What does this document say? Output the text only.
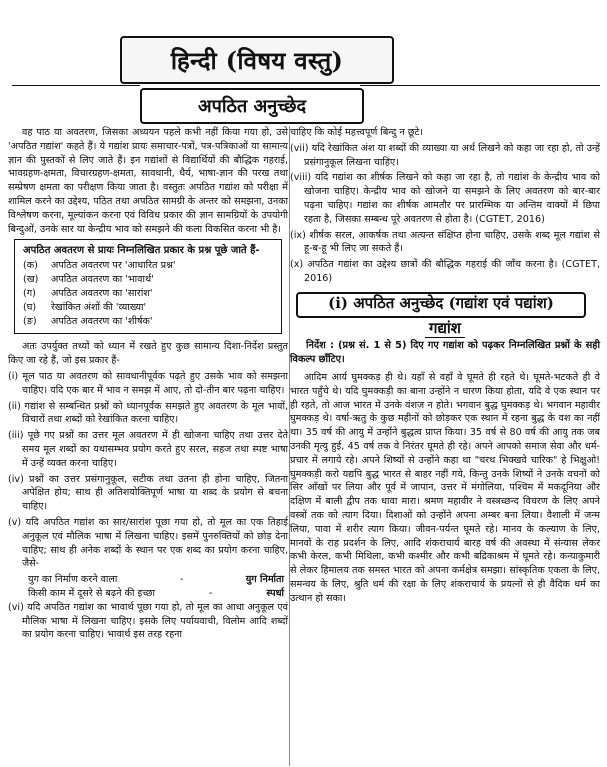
हिन्दी (विषय वस्तु)
अपठित अनुच्छेद

वह पाठ या अवतरण, जिसका अध्ययन पहले कभी नहीं किया गया हो, उसे 'अपठित गद्यांश' कहते हैं। ये गद्यांश प्रायः समाचार-पत्रों, पत्र-पत्रिकाओं या सामान्य ज्ञान की पुस्तकों से लिए जाते हैं। इन गद्यांशों से विद्यार्थियों की बौद्धिक गहराई, भावग्रहण-क्षमता, विचारग्रहण-क्षमता, सावधानी, धैर्य, भाषा-ज्ञान की परख तथा सम्प्रेषण क्षमता का परीक्षण किया जाता है। वस्तुतः अपठित गद्यांश को परीक्षा में शामिल करने का उद्देश्य, पठित तथा अपठित सामग्री के अन्तर को समझना, उनका विश्लेषण करना, मूल्यांकन करना एवं विविध प्रकार की ज्ञान सामग्रियों के उपयोगी बिन्दुओं, उनके सार या केन्द्रीय भाव को समझने की कला विकसित करना भी है।

अपठित अवतरण से प्रायः निम्नलिखित प्रकार के प्रश्न पूछे जाते हैं-
(क)	अपठित अवतरण पर 'आधारित प्रश्न'
(ख)	अपठित अवतरण का 'भावार्थ'
(ग)	अपठित अवतरण का 'सारांश'
(घ)	रेखांकित अंशों की 'व्याख्या'
(ङ)	अपठित अवतरण का 'शीर्षक'

अतः उपर्युक्त तथ्यों को ध्यान में रखते हुए कुछ सामान्य दिशा-निर्देश प्रस्तुत किए जा रहे हैं, जो इस प्रकार हैं-

(i) मूल पाठ या अवतरण को सावधानीपूर्वक पढ़ते हुए उसके भाव को समझना चाहिए। यदि एक बार में भाव न समझ में आए, तो दो-तीन बार पढ़ना चाहिए।

(ii) गद्यांश से सम्बन्धित प्रश्नों को ध्यानपूर्वक समझते हुए अवतरण के मूल भावों, विचारों तथा शब्दों को रेखांकित करना चाहिए।

(iii) पूछे गए प्रश्नों का उत्तर मूल अवतरण में ही खोजना चाहिए तथा उत्तर देते समय मूल शब्दों का यथासम्भव प्रयोग करते हुए सरल, सहज तथा स्पष्ट भाषा में उन्हें व्यक्त करना चाहिए।

(iv) प्रश्नों का उत्तर प्रसंगानुकूल, सटीक तथा उतना ही होना चाहिए, जितना अपेक्षित होय; साथ ही अतिशयोक्तिपूर्ण भाषा या शब्द के प्रयोग से बचना चाहिए।

(v) यदि अपठित गद्यांश का सार/सारांश पूछा गया हो, तो मूल का एक तिहाई अनुकूल एवं मौलिक भाषा में लिखना चाहिए। इसमें पुनरुक्तियों को छोड़ देना चाहिए; साथ ही अनेक शब्दों के स्थान पर एक शब्द का प्रयोग करना चाहिए, जैसे-

युग का निर्माण करने वाला	-	युग निर्माता
किसी काम में दूसरे से बढ़ने की इच्छा	-	स्पर्धा

(vi) यदि अपठित गद्यांश का भावार्थ पूछा गया हो, तो मूल का आधा अनुकूल एवं मौलिक भाषा में लिखना चाहिए। इसके लिए पर्यायवाची, विलोम आदि शब्दों का प्रयोग करना चाहिए। भावार्थ इस तरह रहना

चाहिए कि कोई महत्त्वपूर्ण बिन्दु न छूटे।

(vii) यदि रेखांकित अंश या शब्दों की व्याख्या या अर्थ लिखने को कहा जा रहा हो, तो उन्हें प्रसंगानुकूल लिखना चाहिए।

(viii) यदि गद्यांश का शीर्षक लिखने को कहा जा रहा है, तो गद्यांश के केन्द्रीय भाव को खोजना चाहिए। केन्द्रीय भाव को खोजने या समझने के लिए अवतरण को बार-बार पढ़ना चाहिए। गद्यांश का शीर्षक आमतौर पर प्रारम्भिक या अन्तिम वाक्यों में छिपा रहता है, जिसका सम्बन्ध पूरे अवतरण से होता है। (CGTET, 2016)

(ix) शीर्षक सरल, आकर्षक तथा अत्यन्त संक्षिप्त होना चाहिए, उसके शब्द मूल गद्यांश से हू-ब-हू भी लिए जा सकते हैं।

(x) अपठित गद्यांश का उद्देश्य छात्रों की बौद्धिक गहराई की जाँच करना है। (CGTET, 2016)

(i) अपठित अनुच्छेद (गद्यांश एवं पद्यांश)
गद्यांश

निर्देश : (प्रश्न सं. 1 से 5) दिए गए गद्यांश को पढ़कर निम्नलिखित प्रश्नों के सही विकल्प छाँटिए।

आदिम आर्य घुमक्कड़ ही थे। यहाँ से वहाँ वे घूमते ही रहते थे। घूमते-भटकते ही वे भारत पहुँचे थे। यदि घुमक्कड़ी का बाना उन्होंने न धारण किया होता, यदि वे एक स्थान पर ही रहते, तो आज भारत में उनके वंशज न होते। भगवान बुद्ध घुमक्कड़ थे। भगवान महावीर घुमक्कड़ थे। वर्षा-ऋतु के कुछ महीनों को छोड़कर एक स्थान में रहना बुद्ध के वश का नहीं था। 35 वर्ष की आयु में उन्होंने बुद्धत्व प्राप्त किया। 35 वर्ष से 80 वर्ष की आयु तक जब उनकी मृत्यु हुई, 45 वर्ष तक वे निरंतर घूमते ही रहे। अपने आपको समाज सेवा और धर्म-प्रचार में लगाये रहे। अपने शिष्यों से उन्होंने कहा था "चरथ भिक्खवे चारिक" हे भिक्षुओ! घुमक्कड़ी करो यद्यपि बुद्ध भारत से बाहर नहीं गये, किन्तु उनके शिष्यों ने उनके वचनों को सिर आँखों पर लिया और पूर्व में जापान, उत्तर में मंगोलिया, पश्चिम में मकदूनिया और दक्षिण में बाली द्वीप तक धावा मारा। श्रमण महावीर ने वस्त्रच्छन्द विचरण के लिए अपने वस्त्रों तक को त्याग दिया। दिशाओं को उन्होंने अपना अम्बर बना लिया। वैशाली में जन्म लिया, पावा में शरीर त्याग किया। जीवन-पर्यन्त घूमते रहे। मानव के कल्याण के लिए, मानवों के राह प्रदर्शन के लिए, आदि शंकराचार्य बारह वर्ष की अवस्था में संन्यास लेकर कभी केरल, कभी मिथिला, कभी कश्मीर और कभी बद्रिकाश्रम में घूमते रहे। कन्याकुमारी से लेकर हिमालय तक समस्त भारत को अपना कर्मक्षेत्र समझा। सांस्कृतिक एकता के लिए, समन्वय के लिए, श्रुति धर्म की रक्षा के लिए शंकराचार्य के प्रयत्नों से ही वैदिक धर्म का उत्थान हो सका।
